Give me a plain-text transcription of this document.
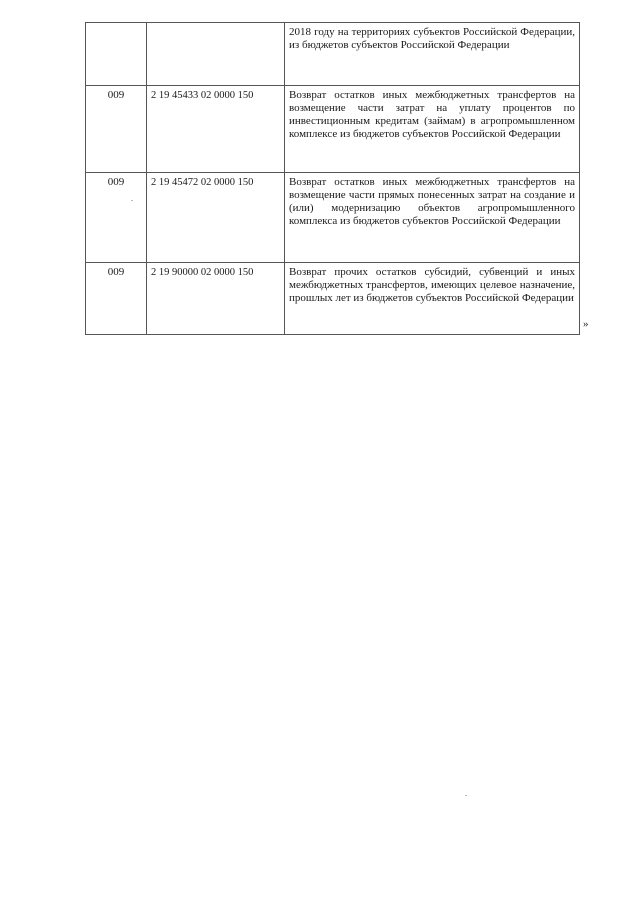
		2018 году на территориях субъектов Российской Федерации, из бюджетов субъектов Российской Федерации
009	2 19 45433 02 0000 150	Возврат остатков иных межбюджетных трансфертов на возмещение части затрат на уплату процентов по инвестиционным кредитам (займам) в агропромышленном комплексе из бюджетов субъектов Российской Федерации
009	2 19 45472 02 0000 150	Возврат остатков иных межбюджетных трансфертов на возмещение части прямых понесенных затрат на создание и (или) модернизацию объектов агропромышленного комплекса из бюджетов субъектов Российской Федерации
009	2 19 90000 02 0000 150	Возврат прочих остатков субсидий, субвенций и иных межбюджетных трансфертов, имеющих целевое назначение, прошлых лет из бюджетов субъектов Российской Федерации
»
